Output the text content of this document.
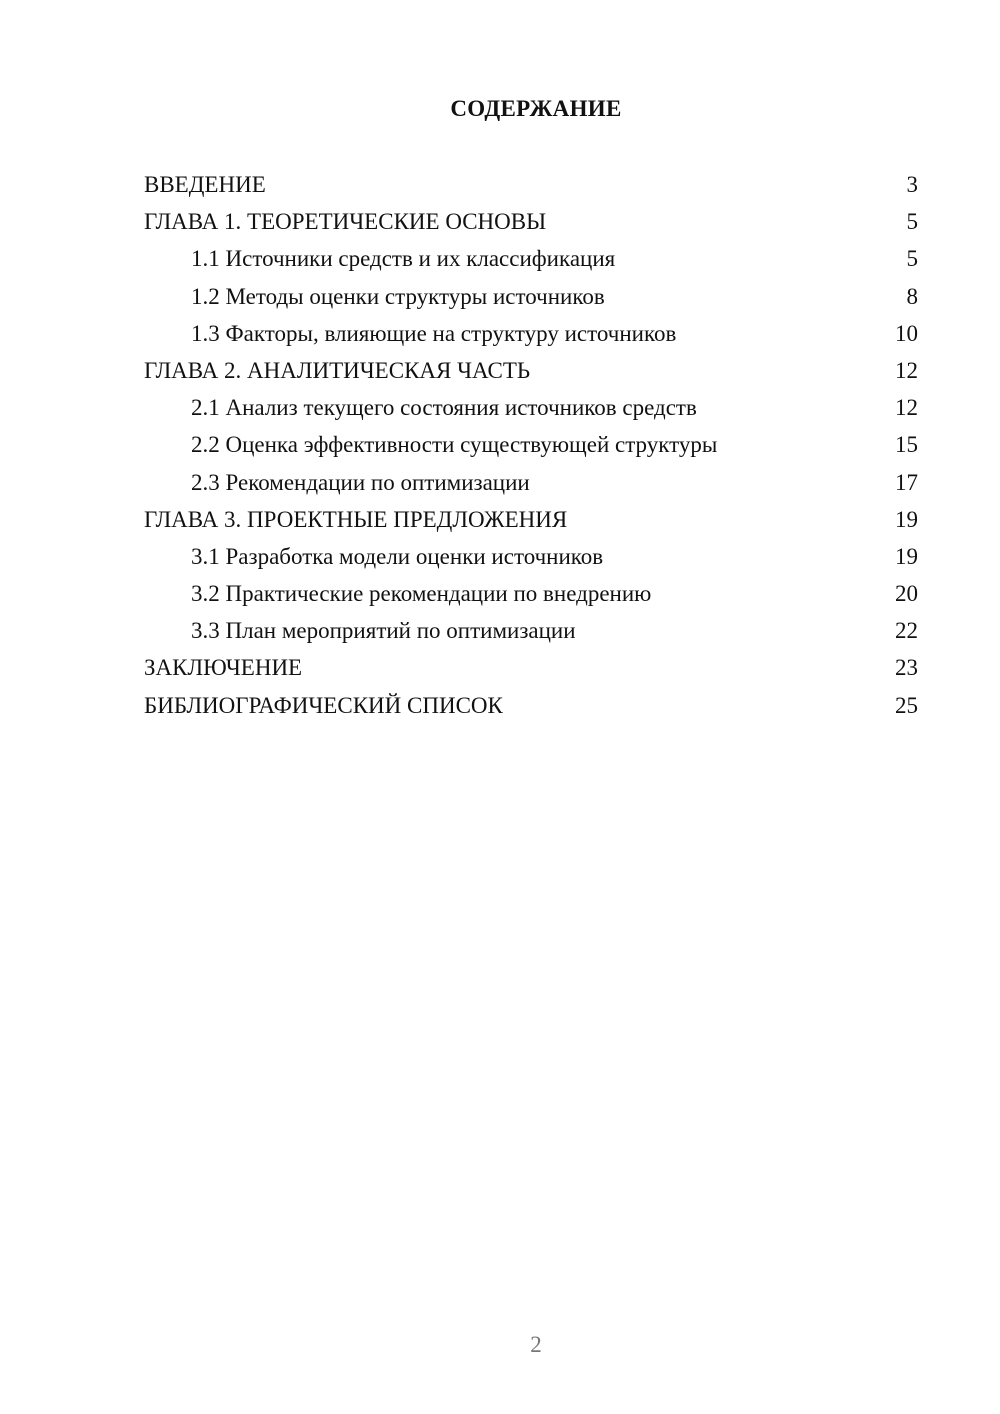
СОДЕРЖАНИЕ
ВВЕДЕНИЕ	3
ГЛАВА 1. ТЕОРЕТИЧЕСКИЕ ОСНОВЫ	5
1.1 Источники средств и их классификация	5
1.2 Методы оценки структуры источников	8
1.3 Факторы, влияющие на структуру источников	10
ГЛАВА 2. АНАЛИТИЧЕСКАЯ ЧАСТЬ	12
2.1 Анализ текущего состояния источников средств	12
2.2 Оценка эффективности существующей структуры	15
2.3 Рекомендации по оптимизации	17
ГЛАВА 3. ПРОЕКТНЫЕ ПРЕДЛОЖЕНИЯ	19
3.1 Разработка модели оценки источников	19
3.2 Практические рекомендации по внедрению	20
3.3 План мероприятий по оптимизации	22
ЗАКЛЮЧЕНИЕ	23
БИБЛИОГРАФИЧЕСКИЙ СПИСОК	25
2
